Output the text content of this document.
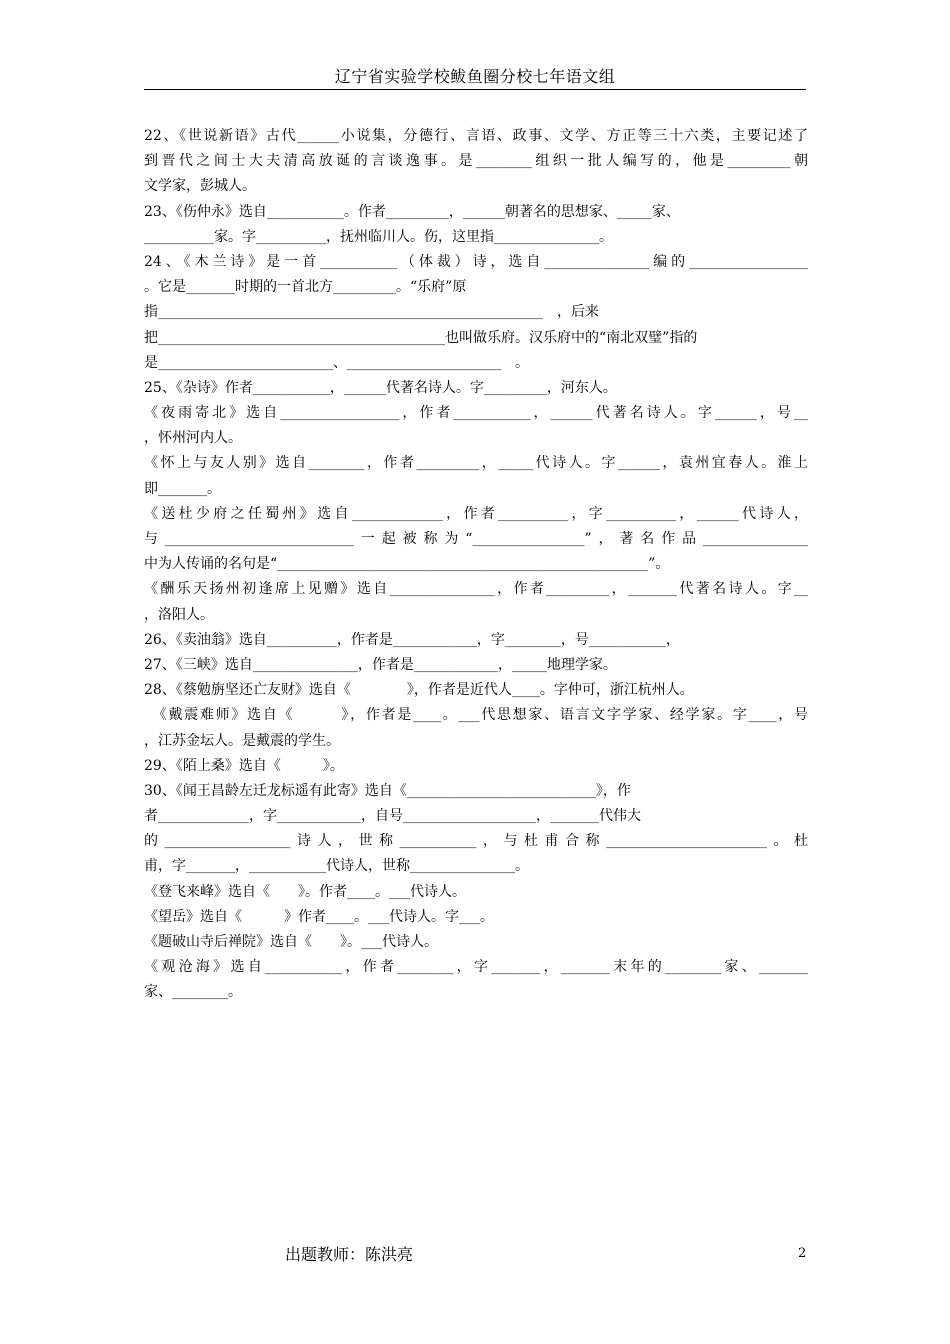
辽宁省实验学校鲅鱼圈分校七年语文组
22、《世说新语》古代______小说集，分德行、言语、政事、文学、方正等三十六类，主要记述了
到晋代之间士大夫清高放诞的言谈逸事。是________组织一批人编写的，他是_________朝
文学家，彭城人。
23、《伤仲永》选自___________。作者_________，______朝著名的思想家、_____家、
__________家。字__________，抚州临川人。伤，这里指_______________。
24、《木兰诗》是一首___________（体裁）诗，选自_______________编的_________________
。它是_______时期的一首北方_________。“乐府”原
指_______________________________________________________　，后来
把_________________________________________也叫做乐府。汉乐府中的“南北双璧”指的
是_________________________、______________________　。
25、《杂诗》作者___________，______代著名诗人。字_________，河东人。
《夜雨寄北》选自_________________，作者___________，______代著名诗人。字______，号__
，怀州河内人。
《怀上与友人别》选自________，作者_________，_____代诗人。字______，袁州宜春人。淮上
即_______。
《送杜少府之任蜀州》选自_____________，作者__________，字__________，______代诗人，
与___________________________一起被称为“________________”，著名作品_______________
中为人传诵的名句是“_____________________________________________________”。
《酬乐天扬州初逢席上见赠》选自_______________，作者_________，_______代著名诗人。字__
，洛阳人。
26、《卖油翁》选自__________，作者是____________，字________，号___________，
27、《三峡》选自_______________，作者是____________，_____地理学家。
28、《蔡勉旃坚还亡友财》选自《　　　　》，作者是近代人____。字仲可，浙江杭州人。
　《戴震难师》选自《　　　》，作者是____。___代思想家、语言文字学家、经学家。字____，号
，江苏金坛人。是戴震的学生。
29、《陌上桑》选自《　　　》。
30、《闻王昌龄左迁龙标遥有此寄》选自《___________________________》，作
者_____________，字____________，自号___________________，_______代伟大
的__________________诗人，世称___________，与杜甫合称_______________________。杜
甫，字_______，___________代诗人，世称_______________。
《登飞来峰》选自《　　》。作者____。___代诗人。
《望岳》选自《　　　》作者____。___代诗人。字___。
《题破山寺后禅院》选自《　　》。___代诗人。
《观沧海》选自___________，作者________，字_______，_______末年的________家、_______
家、________。
出题教师：陈洪亮	2
